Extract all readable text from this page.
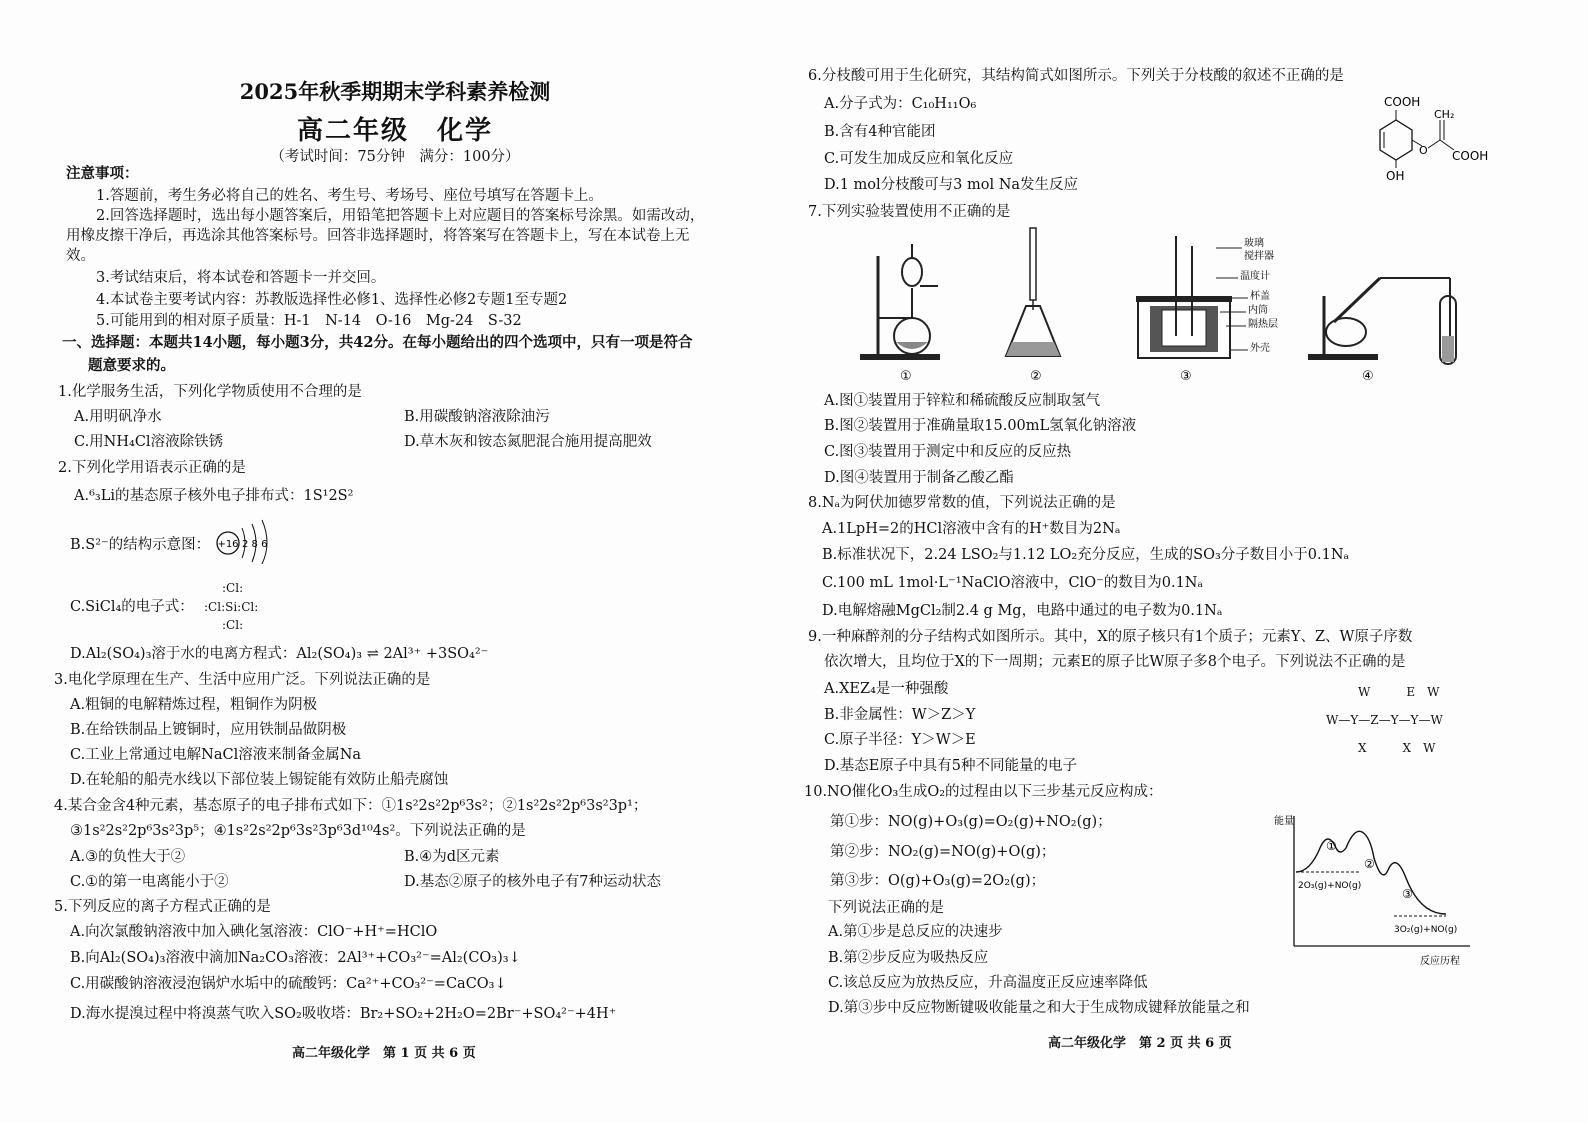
2025年秋季期期末学科素养检测
高二年级　化学
（考试时间：75分钟　满分：100分）
注意事项：
1.答题前，考生务必将自己的姓名、考生号、考场号、座位号填写在答题卡上。
2.回答选择题时，选出每小题答案后，用铅笔把答题卡上对应题目的答案标号涂黑。如需改动，
用橡皮擦干净后，再选涂其他答案标号。回答非选择题时，将答案写在答题卡上，写在本试卷上无
效。
3.考试结束后，将本试卷和答题卡一并交回。
4.本试卷主要考试内容：苏教版选择性必修1、选择性必修2专题1至专题2
5.可能用到的相对原子质量：H-1　N-14　O-16　Mg-24　S-32
一、选择题：本题共14小题，每小题3分，共42分。在每小题给出的四个选项中，只有一项是符合
题意要求的。
1.化学服务生活，下列化学物质使用不合理的是
A.用明矾净水	B.用碳酸钠溶液除油污
C.用NH₄Cl溶液除铁锈	D.草木灰和铵态氮肥混合施用提高肥效
2.下列化学用语表示正确的是
A.⁶₃Li的基态原子核外电子排布式：1S¹2S²
B.S²⁻的结构示意图： +16 2 8 6
C.SiCl₄的电子式：
:Cl:
:Cl:Si:Cl:
:Cl:
D.Al₂(SO₄)₃溶于水的电离方程式：Al₂(SO₄)₃ ⇌ 2Al³⁺ +3SO₄²⁻
3.电化学原理在生产、生活中应用广泛。下列说法正确的是
A.粗铜的电解精炼过程，粗铜作为阴极
B.在给铁制品上镀铜时，应用铁制品做阴极
C.工业上常通过电解NaCl溶液来制备金属Na
D.在轮船的船壳水线以下部位装上锡锭能有效防止船壳腐蚀
4.某合金含4种元素，基态原子的电子排布式如下：①1s²2s²2p⁶3s²；②1s²2s²2p⁶3s²3p¹；
③1s²2s²2p⁶3s²3p⁵；④1s²2s²2p⁶3s²3p⁶3d¹⁰4s²。下列说法正确的是
A.③的负性大于②	B.④为d区元素
C.①的第一电离能小于②	D.基态②原子的核外电子有7种运动状态
5.下列反应的离子方程式正确的是
A.向次氯酸钠溶液中加入碘化氢溶液：ClO⁻+H⁺=HClO
B.向Al₂(SO₄)₃溶液中滴加Na₂CO₃溶液：2Al³⁺+CO₃²⁻=Al₂(CO₃)₃↓
C.用碳酸钠溶液浸泡锅炉水垢中的硫酸钙：Ca²⁺+CO₃²⁻=CaCO₃↓
D.海水提溴过程中将溴蒸气吹入SO₂吸收塔：Br₂+SO₂+2H₂O=2Br⁻+SO₄²⁻+4H⁺
高二年级化学　第 1 页 共 6 页
6.分枝酸可用于生化研究，其结构简式如图所示。下列关于分枝酸的叙述不正确的是
A.分子式为：C₁₀H₁₁O₆
B.含有4种官能团
C.可发生加成反应和氧化反应
D.1 mol分枝酸可与3 mol Na发生反应
COOH
O
CH₂
COOH
OH
7.下列实验装置使用不正确的是
①	②	③
玻璃
搅拌器
温度计
杯盖
内筒
隔热层
外壳
④
A.图①装置用于锌粒和稀硫酸反应制取氢气
B.图②装置用于准确量取15.00mL氢氧化钠溶液
C.图③装置用于测定中和反应的反应热
D.图④装置用于制备乙酸乙酯
8.Nₐ为阿伏加德罗常数的值，下列说法正确的是
A.1LpH=2的HCl溶液中含有的H⁺数目为2Nₐ
B.标准状况下，2.24 LSO₂与1.12 LO₂充分反应，生成的SO₃分子数目小于0.1Nₐ
C.100 mL 1mol·L⁻¹NaClO溶液中，ClO⁻的数目为0.1Nₐ
D.电解熔融MgCl₂制2.4 g Mg，电路中通过的电子数为0.1Nₐ
9.一种麻醉剂的分子结构式如图所示。其中，X的原子核只有1个质子；元素Y、Z、W原子序数
依次增大，且均位于X的下一周期；元素E的原子比W原子多8个电子。下列说法不正确的是
A.XEZ₄是一种强酸
B.非金属性：W＞Z＞Y
C.原子半径：Y＞W＞E
D.基态E原子中具有5种不同能量的电子
W　　　E　W
W—Y—Z—Y—Y—W
X　　　X　W
10.NO催化O₃生成O₂的过程由以下三步基元反应构成：
第①步：NO(g)+O₃(g)=O₂(g)+NO₂(g)；
第②步：NO₂(g)=NO(g)+O(g)；
第③步：O(g)+O₃(g)=2O₂(g)；
下列说法正确的是
A.第①步是总反应的决速步
B.第②步反应为吸热反应
C.该总反应为放热反应，升高温度正反应速率降低
D.第③步中反应物断键吸收能量之和大于生成物成键释放能量之和
能量
反应历程
2O₃(g)+NO(g)
3O₂(g)+NO(g)
①
②
③
高二年级化学　第 2 页 共 6 页
